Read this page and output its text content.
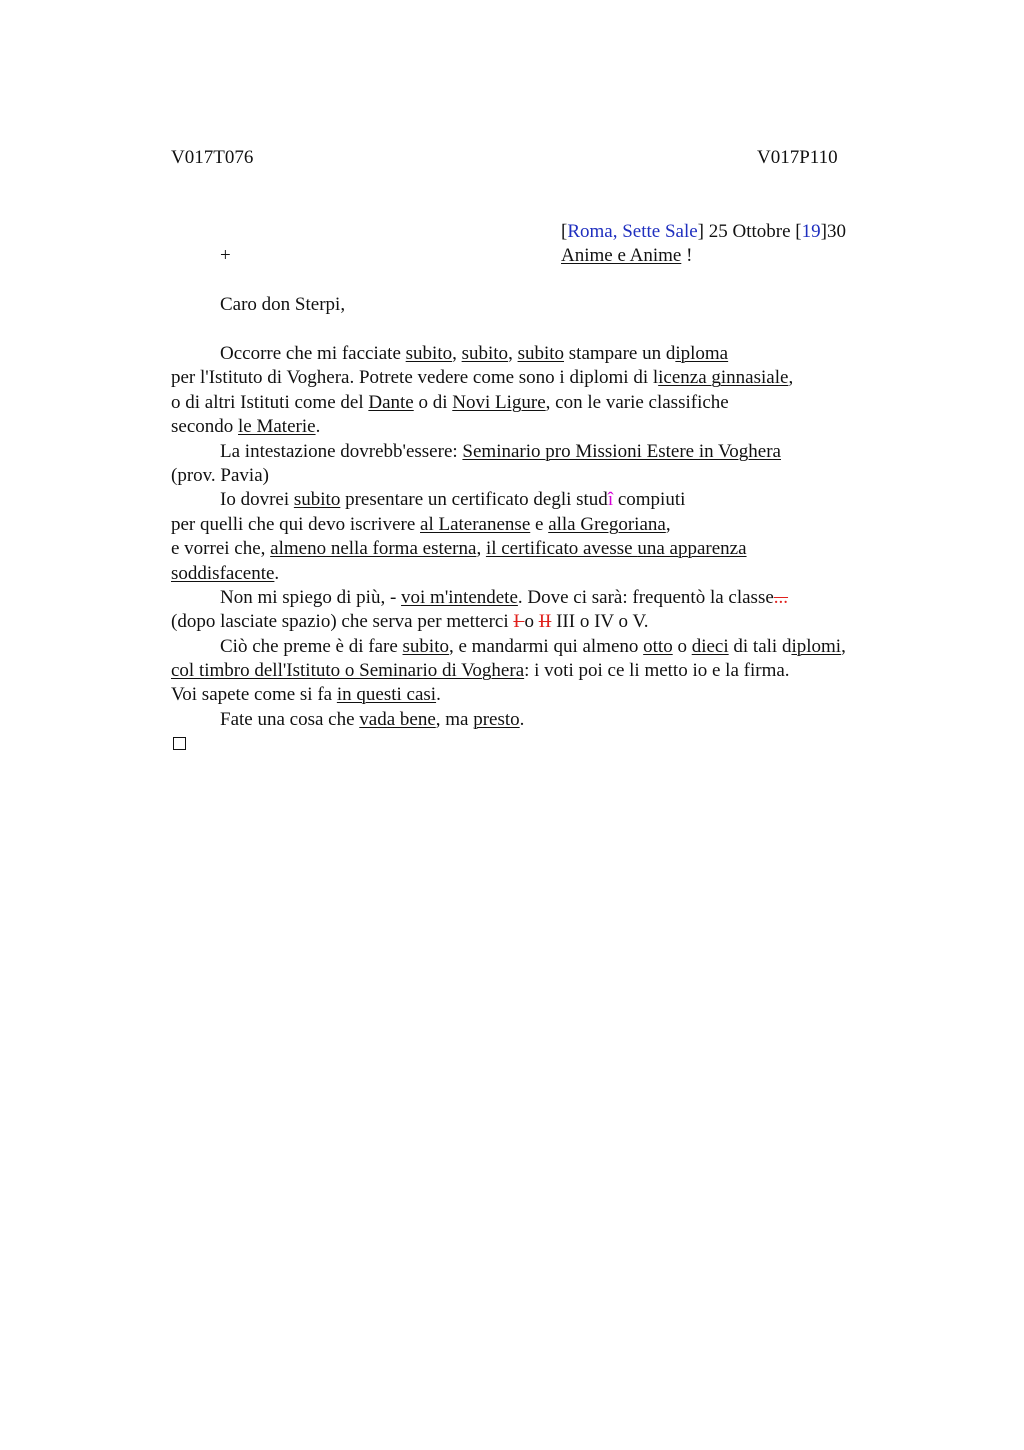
V017T076	V017P110
[Roma, Sette Sale] 25 Ottobre [19]30
+	Anime e Anime !
Caro don Sterpi,
Occorre che mi facciate subito, subito, subito stampare un diploma
per l'Istituto di Voghera. Potrete vedere come sono i diplomi di licenza ginnasiale,
o di altri Istituti come del Dante o di Novi Ligure, con le varie classifiche
secondo le Materie.
La intestazione dovrebb'essere: Seminario pro Missioni Estere in Voghera
(prov. Pavia)
Io dovrei subito presentare un certificato degli studî compiuti
per quelli che qui devo iscrivere al Lateranense e alla Gregoriana,
e vorrei che, almeno nella forma esterna, il certificato avesse una apparenza
soddisfacente.
Non mi spiego di più, - voi m'intendete. Dove ci sarà: frequentò la classe...
(dopo lasciate spazio) che serva per metterci I o II III o IV o V.
Ciò che preme è di fare subito, e mandarmi qui almeno otto o dieci di tali diplomi,
col timbro dell'Istituto o Seminario di Voghera: i voti poi ce li metto io e la firma.
Voi sapete come si fa in questi casi.
Fate una cosa che vada bene, ma presto.
